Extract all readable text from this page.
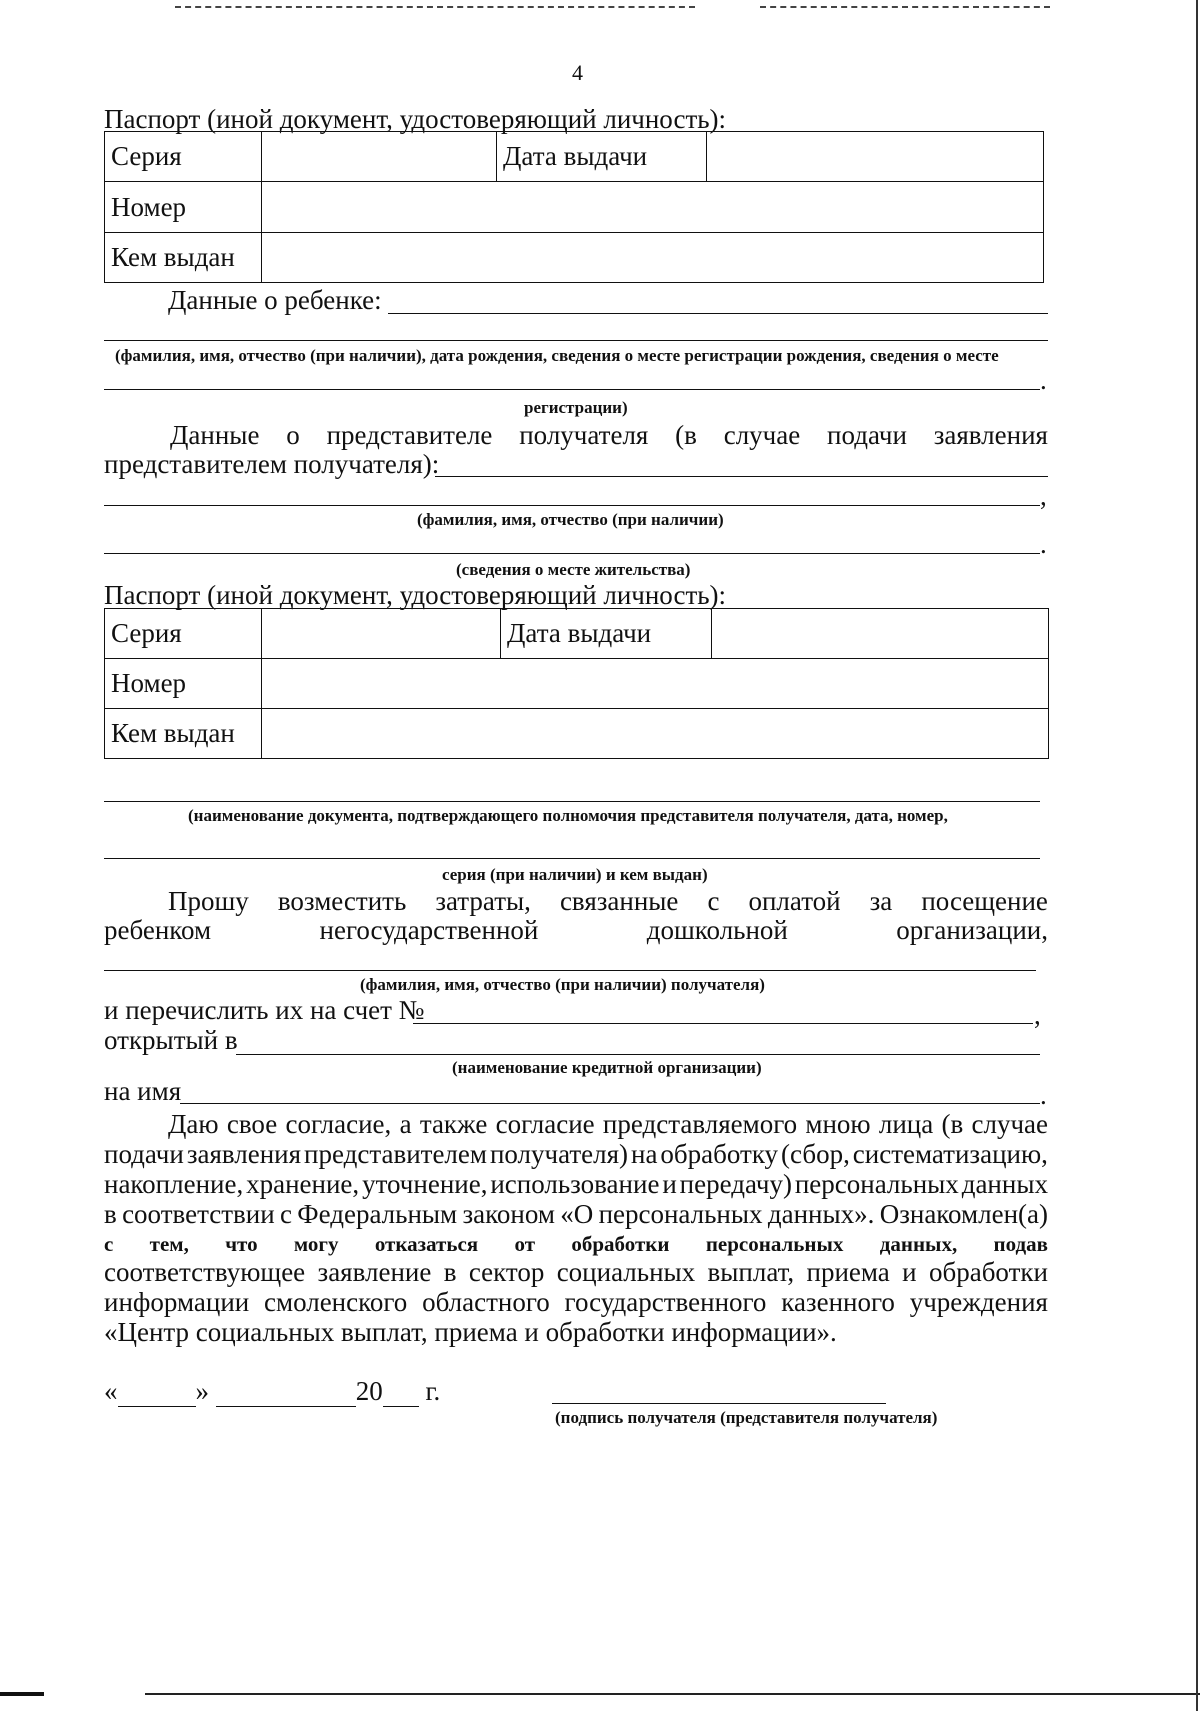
4
Паспорт (иной документ, удостоверяющий личность):
Серия		Дата выдачи	
Номер			
Кем выдан			
Данные о ребенке:
(фамилия, имя, отчество (при наличии), дата рождения, сведения о месте регистрации рождения, сведения о месте
.
регистрации)
Данные о представителе получателя (в случае подачи заявления
представителем получателя):
,
(фамилия, имя, отчество (при наличии)
.
(сведения о месте жительства)
Паспорт (иной документ, удостоверяющий личность):
Серия		Дата выдачи	
Номер			
Кем выдан			
(наименование документа, подтверждающего полномочия представителя получателя, дата, номер,
серия (при наличии) и кем выдан)
Прошу возместить затраты, связанные с оплатой за посещение
ребенком	негосударственной	дошкольной	организации,
(фамилия, имя, отчество (при наличии) получателя)
и перечислить их на счет №	,
открытый в
(наименование кредитной организации)
на имя	.
Даю свое согласие, а также согласие представляемого мною лица (в случае
подачи заявления представителем получателя) на обработку (сбор, систематизацию,
накопление, хранение, уточнение, использование и передачу) персональных данных
в соответствии с Федеральным законом «О персональных данных». Ознакомлен(а)
с тем, что могу отказаться от обработки персональных данных, подав
соответствующее заявление в сектор социальных выплат, приема и обработки
информации смоленского областного государственного казенного учреждения
«Центр социальных выплат, приема и обработки информации».
«	»	20 г.
(подпись получателя (представителя получателя)
